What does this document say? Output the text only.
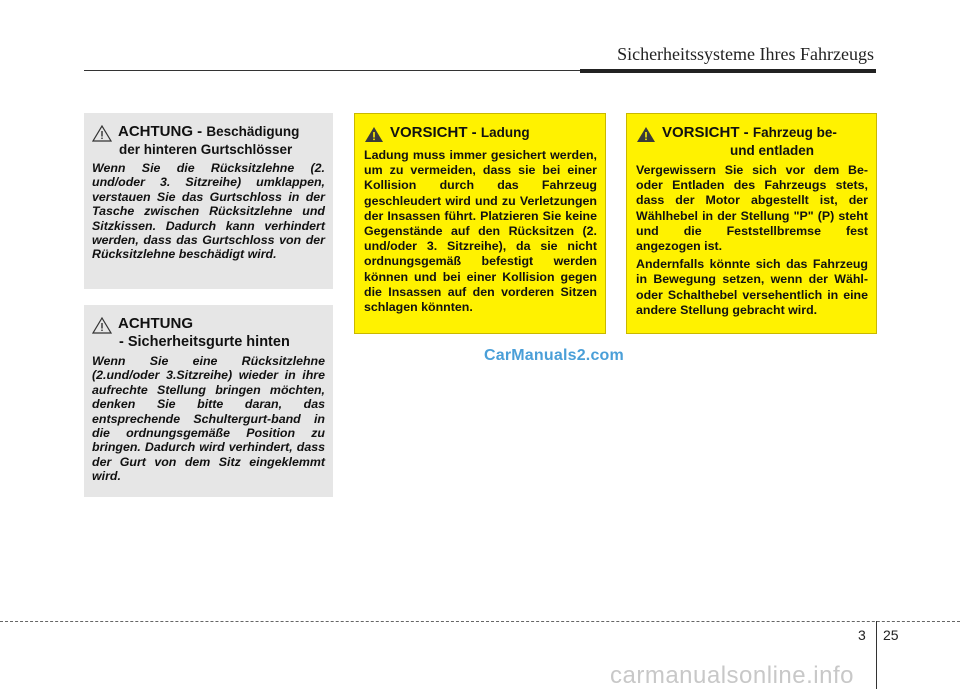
Sicherheitssysteme Ihres Fahrzeugs
ACHTUNG - Beschädigung
der hinteren Gurtschlösser
Wenn Sie die Rücksitzlehne (2. und/oder 3. Sitzreihe) umklappen, verstauen Sie das Gurtschloss in der Tasche zwischen Rücksitzlehne und Sitzkissen. Dadurch kann verhindert werden, dass das Gurtschloss von der Rücksitzlehne beschädigt wird.
ACHTUNG
- Sicherheitsgurte hinten
Wenn Sie eine Rücksitzlehne (2.und/oder 3.Sitzreihe) wieder in ihre aufrechte Stellung bringen möchten, denken Sie bitte daran, das entsprechende Schultergurt-band in die ordnungsgemäße Position zu bringen. Dadurch wird verhindert, dass der Gurt von dem Sitz eingeklemmt wird.
VORSICHT - Ladung
Ladung muss immer gesichert werden, um zu vermeiden, dass sie bei einer Kollision durch das Fahrzeug geschleudert wird und zu Verletzungen der Insassen führt. Platzieren Sie keine Gegenstände auf den Rücksitzen (2. und/oder 3. Sitzreihe), da sie nicht ordnungsgemäß befestigt werden können und bei einer Kollision gegen die Insassen auf den vorderen Sitzen schlagen könnten.
VORSICHT - Fahrzeug be-
und entladen

Vergewissern Sie sich vor dem Be- oder Entladen des Fahrzeugs stets, dass der Motor abgestellt ist, der Wählhebel in der Stellung "P" (P) steht und die Feststellbremse fest angezogen ist.

Andernfalls könnte sich das Fahrzeug in Bewegung setzen, wenn der Wähl- oder Schalthebel versehentlich in eine andere Stellung gebracht wird.

CarManuals2.com
3 25
carmanualsonline.info
